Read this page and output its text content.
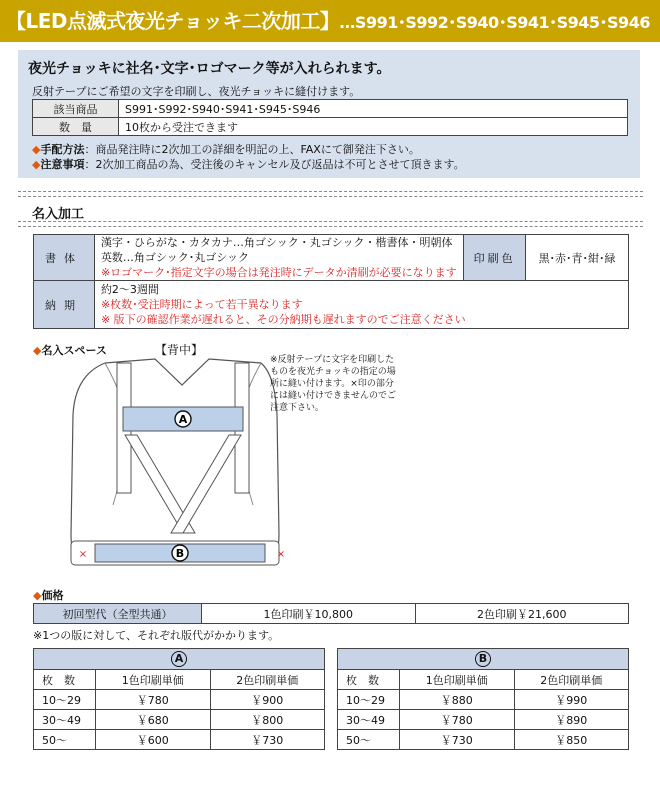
【LED点滅式夜光チョッキ二次加工】…S991･S992･S940･S941･S945･S946
夜光チョッキに社名･文字･ロゴマーク等が入れられます。
反射テープにご希望の文字を印刷し、夜光チョッキに縫付けます。
該当商品	S991･S992･S940･S941･S945･S946
数　量	10枚から受注できます
◆手配方法：商品発注時に2次加工の詳細を明記の上、FAXにて御発注下さい。
◆注意事項：2次加工商品の為、受注後のキャンセル及び返品は不可とさせて頂きます。
名入加工
書体	漢字・ひらがな・カタカナ…角ゴシック・丸ゴシック・楷書体・明朝体
英数…角ゴシック･丸ゴシック
※ロゴマーク･指定文字の場合は発注時にデータか清刷が必要になります	印刷色	黒･赤･青･紺･緑
納期	約2～3週間
※枚数･受注時期によって若干異なります
※ 版下の確認作業が遅れると、その分納期も遅れますのでご注意ください		
◆名入スペース	【背中】
A
B
×	×
※反射テープに文字を印刷したものを夜光チョッキの指定の場所に縫い付けます。×印の部分には縫い付けできませんのでご注意下さい。
◆価格
初回型代（全型共通）	1色印刷￥10,800	2色印刷￥21,600
※1つの版に対して、それぞれ版代がかかります。
A		
枚　数	1色印刷単価	2色印刷単価
10～29	￥780	￥900
30～49	￥680	￥800
50～	￥600	￥730
B		
枚　数	1色印刷単価	2色印刷単価
10～29	￥880	￥990
30～49	￥780	￥890
50～	￥730	￥850
